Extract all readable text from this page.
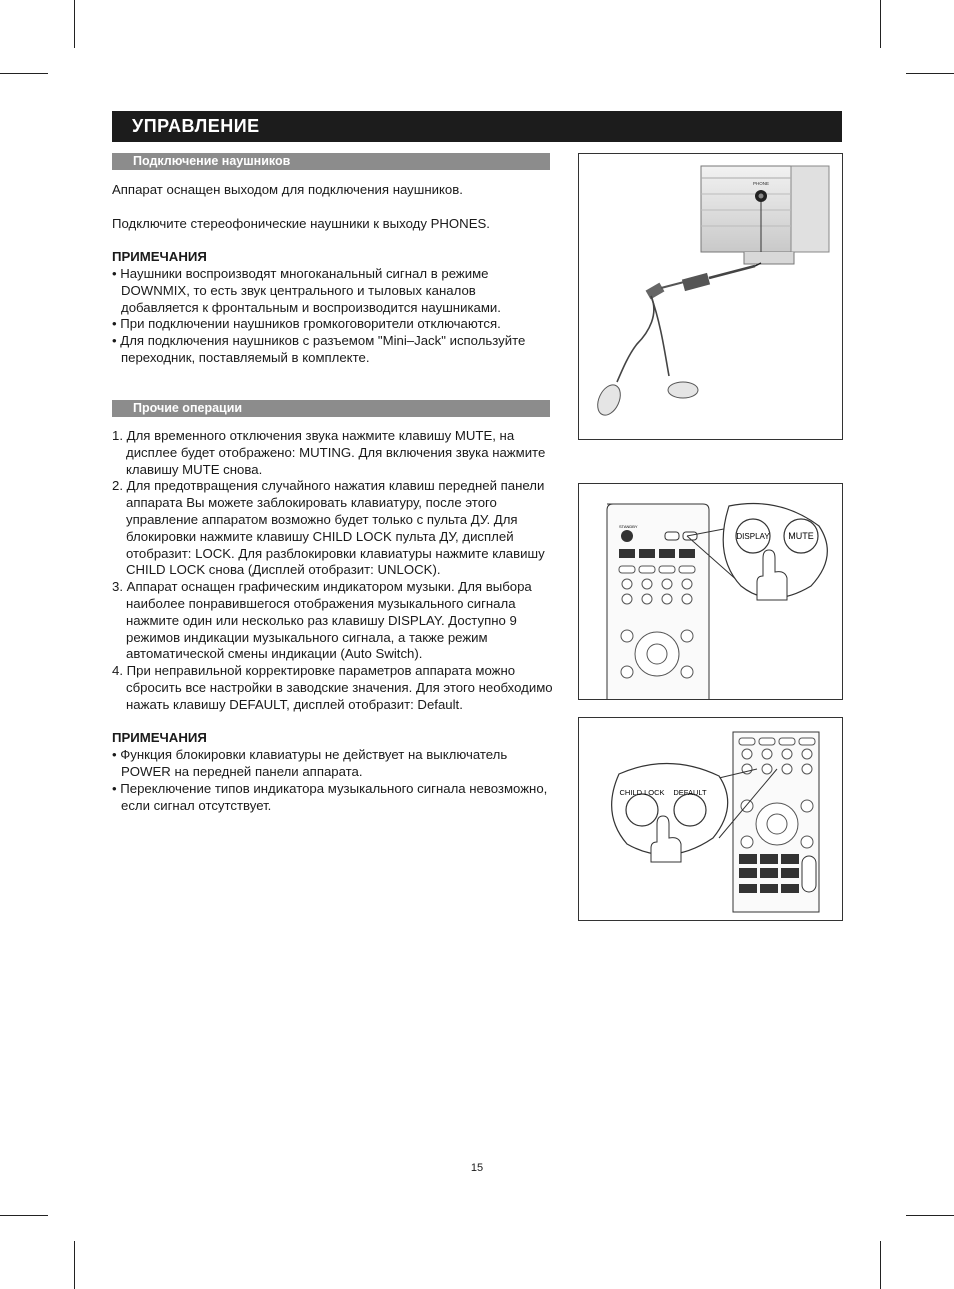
УПРАВЛЕНИЕ
Подключение наушников

Аппарат оснащен выходом для подключения наушников.

Подключите стереофонические наушники к выходу PHONES.

ПРИМЕЧАНИЯ

• Наушники воспроизводят многоканальный сигнал в режиме DOWNMIX, то есть звук центрального и тыловых каналов добавляется к фронтальным и воспроизводится наушниками.

• При подключении наушников громкоговорители отключаются.

• Для подключения наушников с разъемом "Mini–Jack" используйте переходник, поставляемый в комплекте.

Прочие операции

1. Для временного отключения звука нажмите клавишу MUTE, на дисплее будет отображено: MUTING. Для включения звука нажмите клавишу MUTE снова.

2. Для предотвращения случайного нажатия клавиш передней панели аппарата Вы можете заблокировать клавиатуру, после этого управление аппаратом возможно будет только с пульта ДУ. Для блокировки нажмите клавишу CHILD LOCK пульта ДУ, дисплей отобразит: LOCK. Для разблокировки клавиатуры нажмите клавишу CHILD LOCK снова (Дисплей отобразит: UNLOCK).

3. Аппарат оснащен графическим индикатором музыки. Для выбора наиболее понравившегося отображения музыкального сигнала нажмите один или несколько раз клавишу DISPLAY. Доступно 9 режимов индикации музыкального сигнала, а также режим автоматической смены индикации (Auto Switch).

4. При неправильной корректировке параметров аппарата можно сбросить все настройки в заводские значения. Для этого необходимо нажать клавишу DEFAULT, дисплей отобразит: Default.

ПРИМЕЧАНИЯ

• Функция блокировки клавиатуры не действует на выключатель POWER на передней панели аппарата.

• Переключение типов индикатора музыкального сигнала невозможно, если сигнал отсутствует.

PHONE
STANDBY
DISPLAY MUTE
CHILD LOCK DEFAULT
15
